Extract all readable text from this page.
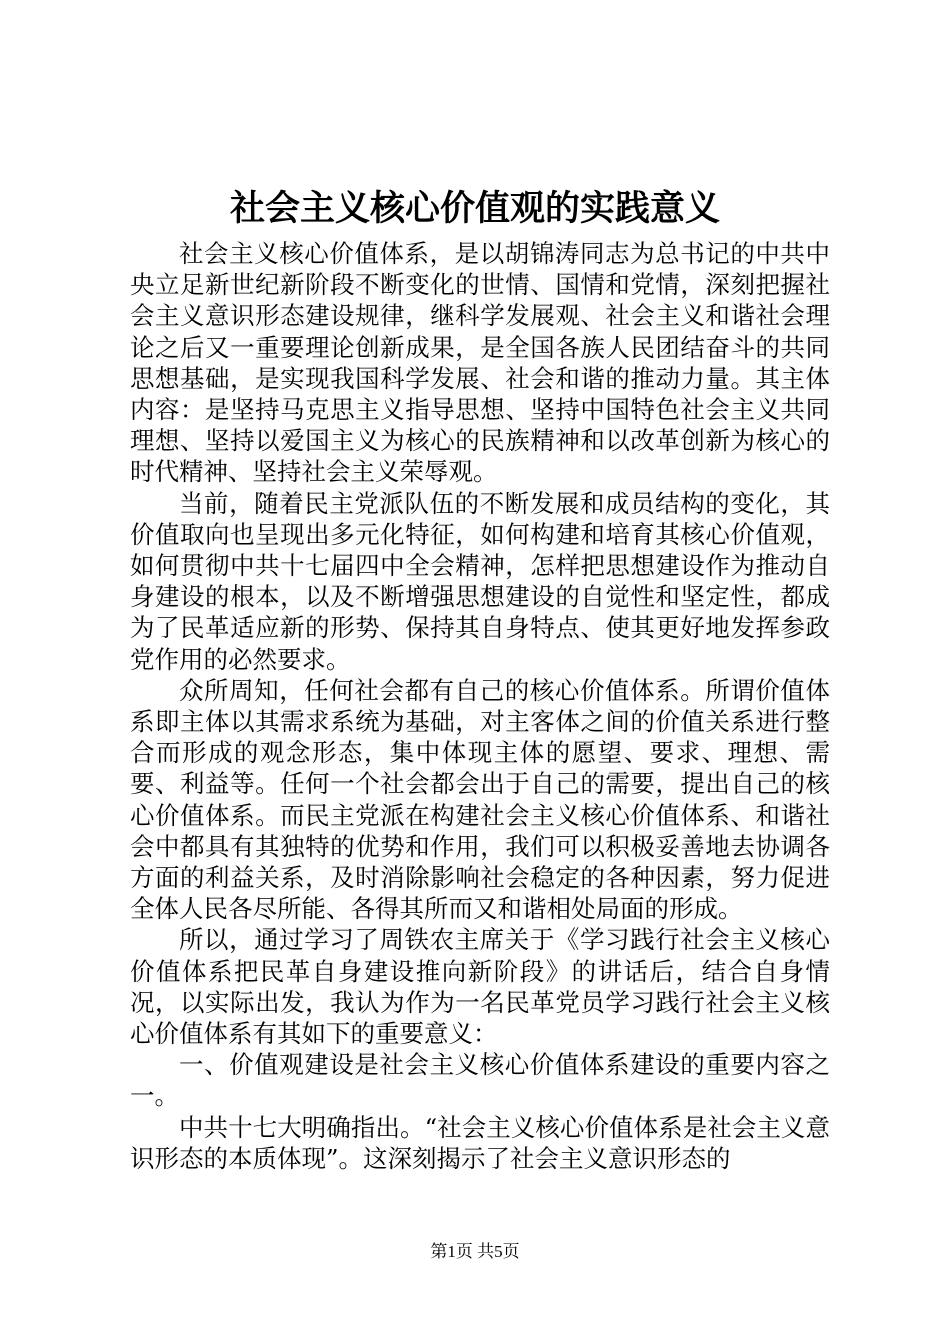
社会主义核心价值观的实践意义

社会主义核心价值体系，是以胡锦涛同志为总书记的中共中央立足新世纪新阶段不断变化的世情、国情和党情，深刻把握社会主义意识形态建设规律，继科学发展观、社会主义和谐社会理论之后又一重要理论创新成果，是全国各族人民团结奋斗的共同思想基础，是实现我国科学发展、社会和谐的推动力量。其主体内容：是坚持马克思主义指导思想、坚持中国特色社会主义共同理想、坚持以爱国主义为核心的民族精神和以改革创新为核心的时代精神、坚持社会主义荣辱观。

当前，随着民主党派队伍的不断发展和成员结构的变化，其价值取向也呈现出多元化特征，如何构建和培育其核心价值观，如何贯彻中共十七届四中全会精神，怎样把思想建设作为推动自身建设的根本，以及不断增强思想建设的自觉性和坚定性，都成为了民革适应新的形势、保持其自身特点、使其更好地发挥参政党作用的必然要求。

众所周知，任何社会都有自己的核心价值体系。所谓价值体系即主体以其需求系统为基础，对主客体之间的价值关系进行整合而形成的观念形态，集中体现主体的愿望、要求、理想、需要、利益等。任何一个社会都会出于自己的需要，提出自己的核心价值体系。而民主党派在构建社会主义核心价值体系、和谐社会中都具有其独特的优势和作用，我们可以积极妥善地去协调各方面的利益关系，及时消除影响社会稳定的各种因素，努力促进全体人民各尽所能、各得其所而又和谐相处局面的形成。

所以，通过学习了周铁农主席关于《学习践行社会主义核心价值体系把民革自身建设推向新阶段》的讲话后，结合自身情况，以实际出发，我认为作为一名民革党员学习践行社会主义核心价值体系有其如下的重要意义：

一、价值观建设是社会主义核心价值体系建设的重要内容之一。

中共十七大明确指出。“社会主义核心价值体系是社会主义意识形态的本质体现”。这深刻揭示了社会主义意识形态的

第1页 共5页
